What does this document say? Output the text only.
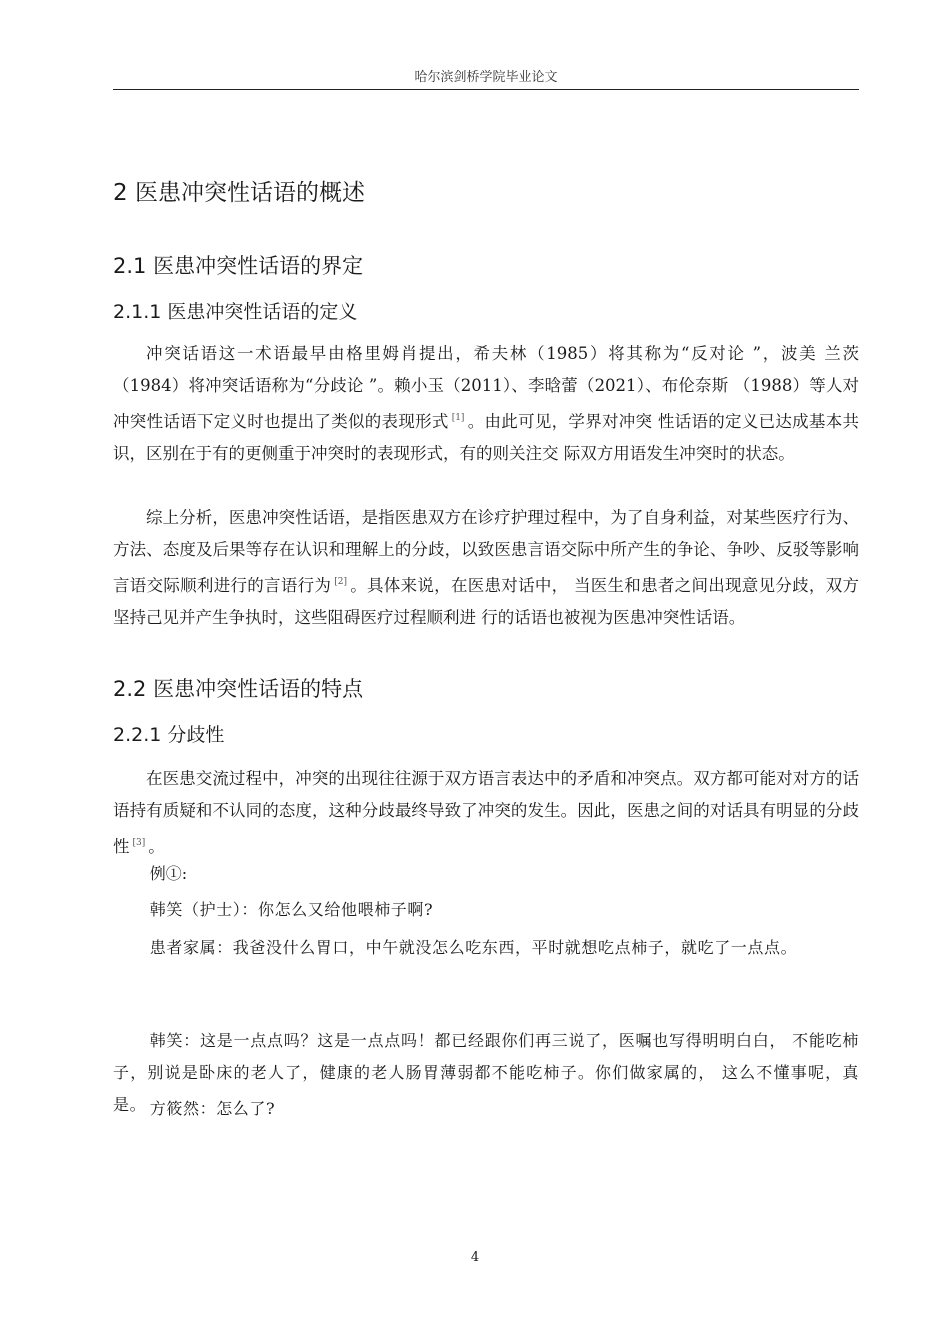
哈尔滨剑桥学院毕业论文
2 医患冲突性话语的概述
2.1 医患冲突性话语的界定
2.1.1 医患冲突性话语的定义

冲突话语这一术语最早由格里姆肖提出，希夫林（1985）将其称为“反对论 ”，波美 兰茨（1984）将冲突话语称为“分歧论 ”。赖小玉（2011）、李晗蕾（2021）、布伦奈斯 （1988）等人对冲突性话语下定义时也提出了类似的表现形式 [1] 。由此可见，学界对冲突 性话语的定义已达成基本共识，区别在于有的更侧重于冲突时的表现形式，有的则关注交 际双方用语发生冲突时的状态。

综上分析，医患冲突性话语，是指医患双方在诊疗护理过程中，为了自身利益，对某些医疗行为、方法、态度及后果等存在认识和理解上的分歧，以致医患言语交际中所产生的争论、争吵、反驳等影响言语交际顺利进行的言语行为 [2] 。具体来说，在医患对话中， 当医生和患者之间出现意见分歧，双方坚持己见并产生争执时，这些阻碍医疗过程顺利进 行的话语也被视为医患冲突性话语。

2.2 医患冲突性话语的特点
2.2.1 分歧性

在医患交流过程中，冲突的出现往往源于双方语言表达中的矛盾和冲突点。双方都可能对对方的话语持有质疑和不认同的态度，这种分歧最终导致了冲突的发生。因此，医患之间的对话具有明显的分歧性 [3] 。

例①:

韩笑（护士）：你怎么又给他喂柿子啊?

患者家属：我爸没什么胃口，中午就没怎么吃东西，平时就想吃点柿子，就吃了一点点。

韩笑：这是一点点吗？这是一点点吗！都已经跟你们再三说了，医嘱也写得明明白白， 不能吃柿子，别说是卧床的老人了，健康的老人肠胃薄弱都不能吃柿子。你们做家属的， 这么不懂事呢，真是。 方筱然：怎么了?

4
